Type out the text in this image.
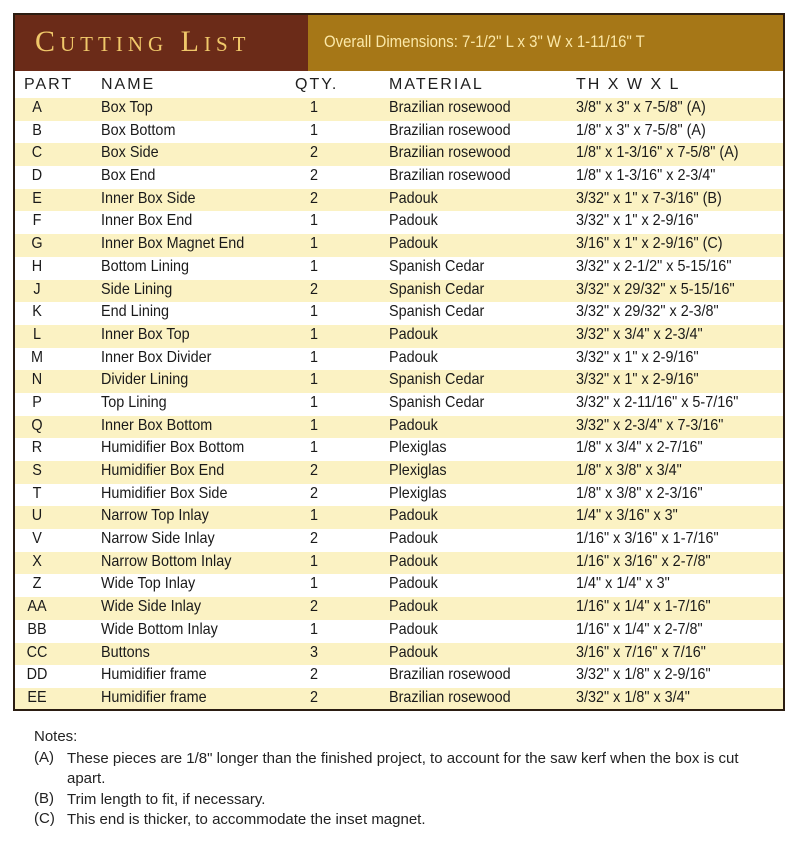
Cutting List	Overall Dimensions: 7-1/2" L x 3" W x 1-11/16" T
PART NAME	QTY.	MATERIAL	TH X W X L
A	Box Top	1	Brazilian rosewood	3/8" x 3" x 7-5/8" (A)
B	Box Bottom	1	Brazilian rosewood	1/8" x 3" x 7-5/8" (A)
C	Box Side	2	Brazilian rosewood	1/8" x 1-3/16" x 7-5/8" (A)
D	Box End	2	Brazilian rosewood	1/8" x 1-3/16" x 2-3/4"
E	Inner Box Side	2	Padouk	3/32" x 1" x 7-3/16" (B)
F	Inner Box End	1	Padouk	3/32" x 1" x 2-9/16"
G	Inner Box Magnet End	1	Padouk	3/16" x 1" x 2-9/16" (C)
H	Bottom Lining	1	Spanish Cedar	3/32" x 2-1/2" x 5-15/16"
J	Side Lining	2	Spanish Cedar	3/32" x 29/32" x 5-15/16"
K	End Lining	1	Spanish Cedar	3/32" x 29/32" x 2-3/8"
L	Inner Box Top	1	Padouk	3/32" x 3/4" x 2-3/4"
M	Inner Box Divider	1	Padouk	3/32" x 1" x 2-9/16"
N	Divider Lining	1	Spanish Cedar	3/32" x 1" x 2-9/16"
P	Top Lining	1	Spanish Cedar	3/32" x 2-11/16" x 5-7/16"
Q	Inner Box Bottom	1	Padouk	3/32" x 2-3/4" x 7-3/16"
R	Humidifier Box Bottom	1	Plexiglas	1/8" x 3/4" x 2-7/16"
S	Humidifier Box End	2	Plexiglas	1/8" x 3/8" x 3/4"
T	Humidifier Box Side	2	Plexiglas	1/8" x 3/8" x 2-3/16"
U	Narrow Top Inlay	1	Padouk	1/4" x 3/16" x 3"
V	Narrow Side Inlay	2	Padouk	1/16" x 3/16" x 1-7/16"
X	Narrow Bottom Inlay	1	Padouk	1/16" x 3/16" x 2-7/8"
Z	Wide Top Inlay	1	Padouk	1/4" x 1/4" x 3"
AA	Wide Side Inlay	2	Padouk	1/16" x 1/4" x 1-7/16"
BB	Wide Bottom Inlay	1	Padouk	1/16" x 1/4" x 2-7/8"
CC	Buttons	3	Padouk	3/16" x 7/16" x 7/16"
DD	Humidifier frame	2	Brazilian rosewood	3/32" x 1/8" x 2-9/16"
EE	Humidifier frame	2	Brazilian rosewood	3/32" x 1/8" x 3/4"
Notes:
(A) These pieces are 1/8" longer than the finished project, to account for the saw kerf when the box is cut apart.
(B) Trim length to fit, if necessary.
(C) This end is thicker, to accommodate the inset magnet.
